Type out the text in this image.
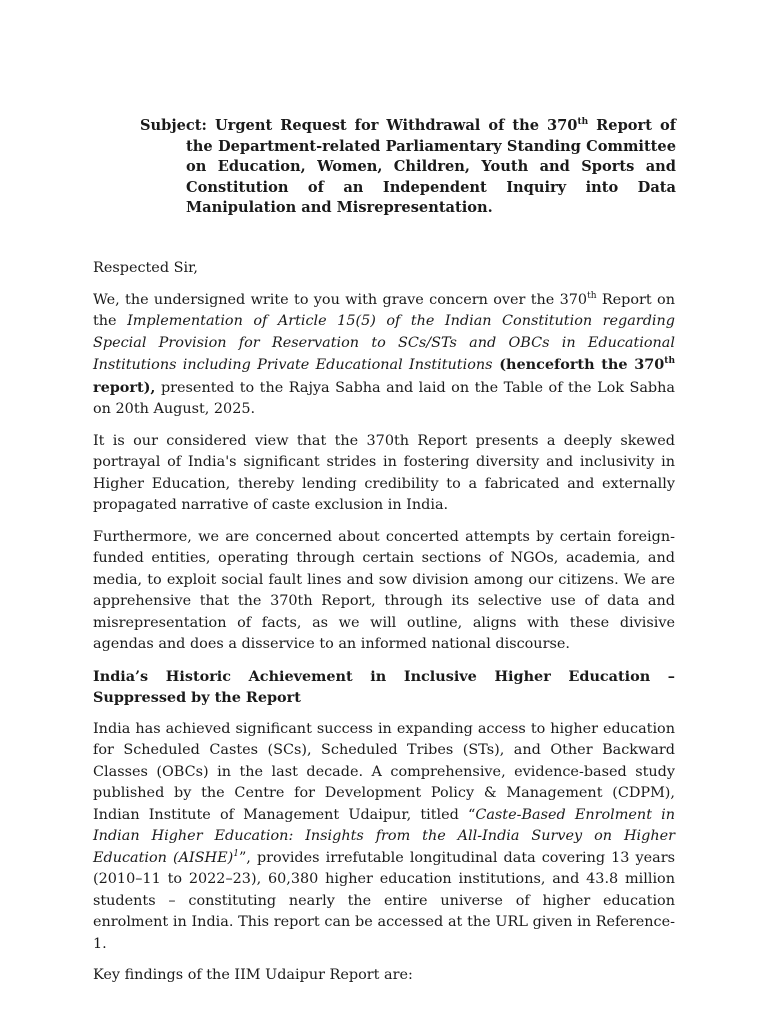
Subject: Urgent Request for Withdrawal of the 370th Report of the Department-related Parliamentary Standing Committee on Education, Women, Children, Youth and Sports and Constitution of an Independent Inquiry into Data Manipulation and Misrepresentation.

Respected Sir,

We, the undersigned write to you with grave concern over the 370th Report on the Implementation of Article 15(5) of the Indian Constitution regarding Special Provision for Reservation to SCs/STs and OBCs in Educational Institutions including Private Educational Institutions (henceforth the 370th report), presented to the Rajya Sabha and laid on the Table of the Lok Sabha on 20th August, 2025.

It is our considered view that the 370th Report presents a deeply skewed portrayal of India's significant strides in fostering diversity and inclusivity in Higher Education, thereby lending credibility to a fabricated and externally propagated narrative of caste exclusion in India.

Furthermore, we are concerned about concerted attempts by certain foreign-funded entities, operating through certain sections of NGOs, academia, and media, to exploit social fault lines and sow division among our citizens. We are apprehensive that the 370th Report, through its selective use of data and misrepresentation of facts, as we will outline, aligns with these divisive agendas and does a disservice to an informed national discourse.

India’s Historic Achievement in Inclusive Higher Education – Suppressed by the Report

India has achieved significant success in expanding access to higher education for Scheduled Castes (SCs), Scheduled Tribes (STs), and Other Backward Classes (OBCs) in the last decade. A comprehensive, evidence-based study published by the Centre for Development Policy & Management (CDPM), Indian Institute of Management Udaipur, titled “Caste-Based Enrolment in Indian Higher Education: Insights from the All-India Survey on Higher Education (AISHE)$^1$”, provides irrefutable longitudinal data covering 13 years (2010–11 to 2022–23), 60,380 higher education institutions, and 43.8 million students – constituting nearly the entire universe of higher education enrolment in India. This report can be accessed at the URL given in Reference-1.

Key findings of the IIM Udaipur Report are:
